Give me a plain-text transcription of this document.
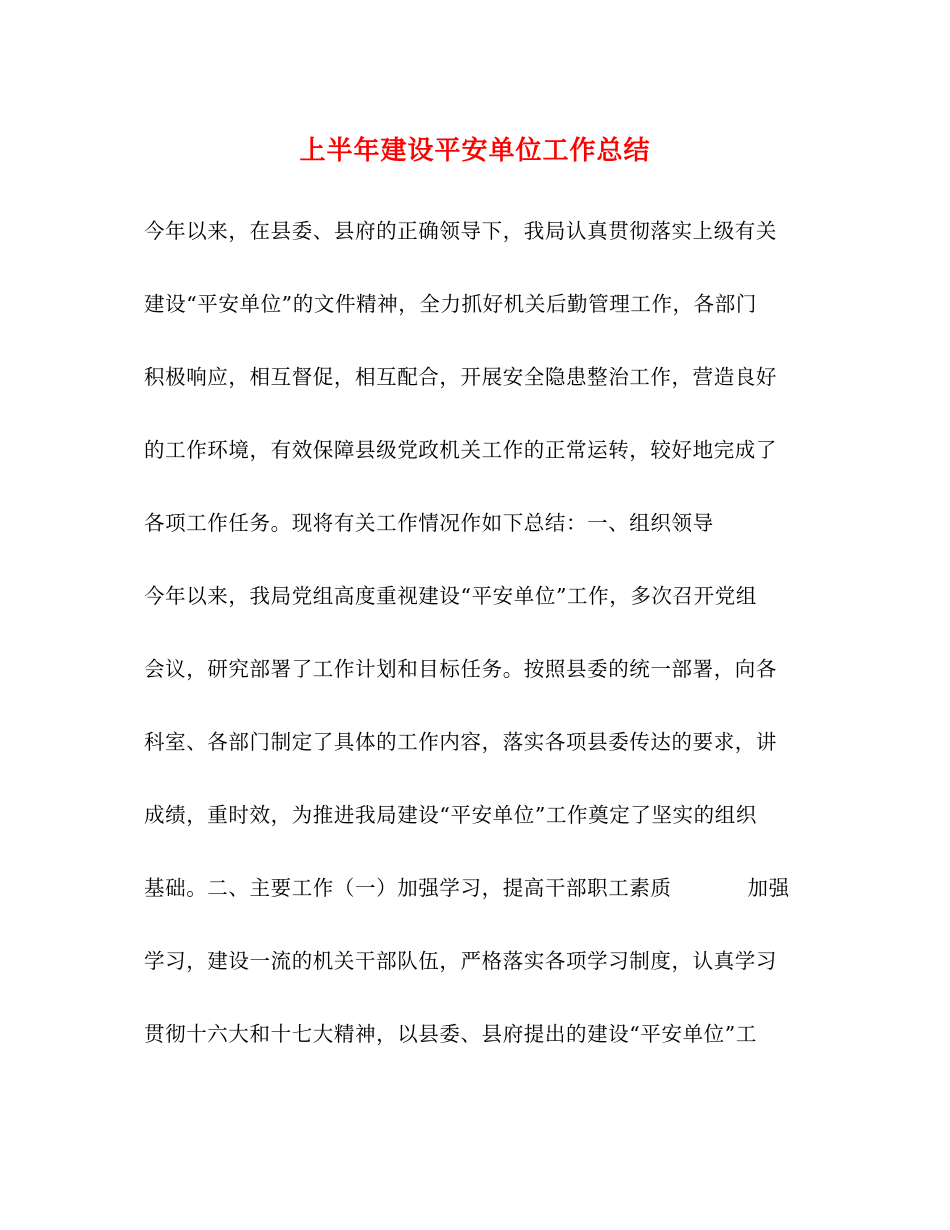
上半年建设平安单位工作总结
今年以来，在县委、县府的正确领导下，我局认真贯彻落实上级有关
建设“平安单位”的文件精神，全力抓好机关后勤管理工作，各部门
积极响应，相互督促，相互配合，开展安全隐患整治工作，营造良好
的工作环境，有效保障县级党政机关工作的正常运转，较好地完成了
各项工作任务。现将有关工作情况作如下总结：一、组织领导
今年以来，我局党组高度重视建设“平安单位”工作，多次召开党组
会议，研究部署了工作计划和目标任务。按照县委的统一部署，向各
科室、各部门制定了具体的工作内容，落实各项县委传达的要求，讲
成绩，重时效，为推进我局建设“平安单位”工作奠定了坚实的组织
基础。二、主要工作（一）加强学习，提高干部职工素质	加强
学习，建设一流的机关干部队伍，严格落实各项学习制度，认真学习
贯彻十六大和十七大精神，以县委、县府提出的建设“平安单位”工
